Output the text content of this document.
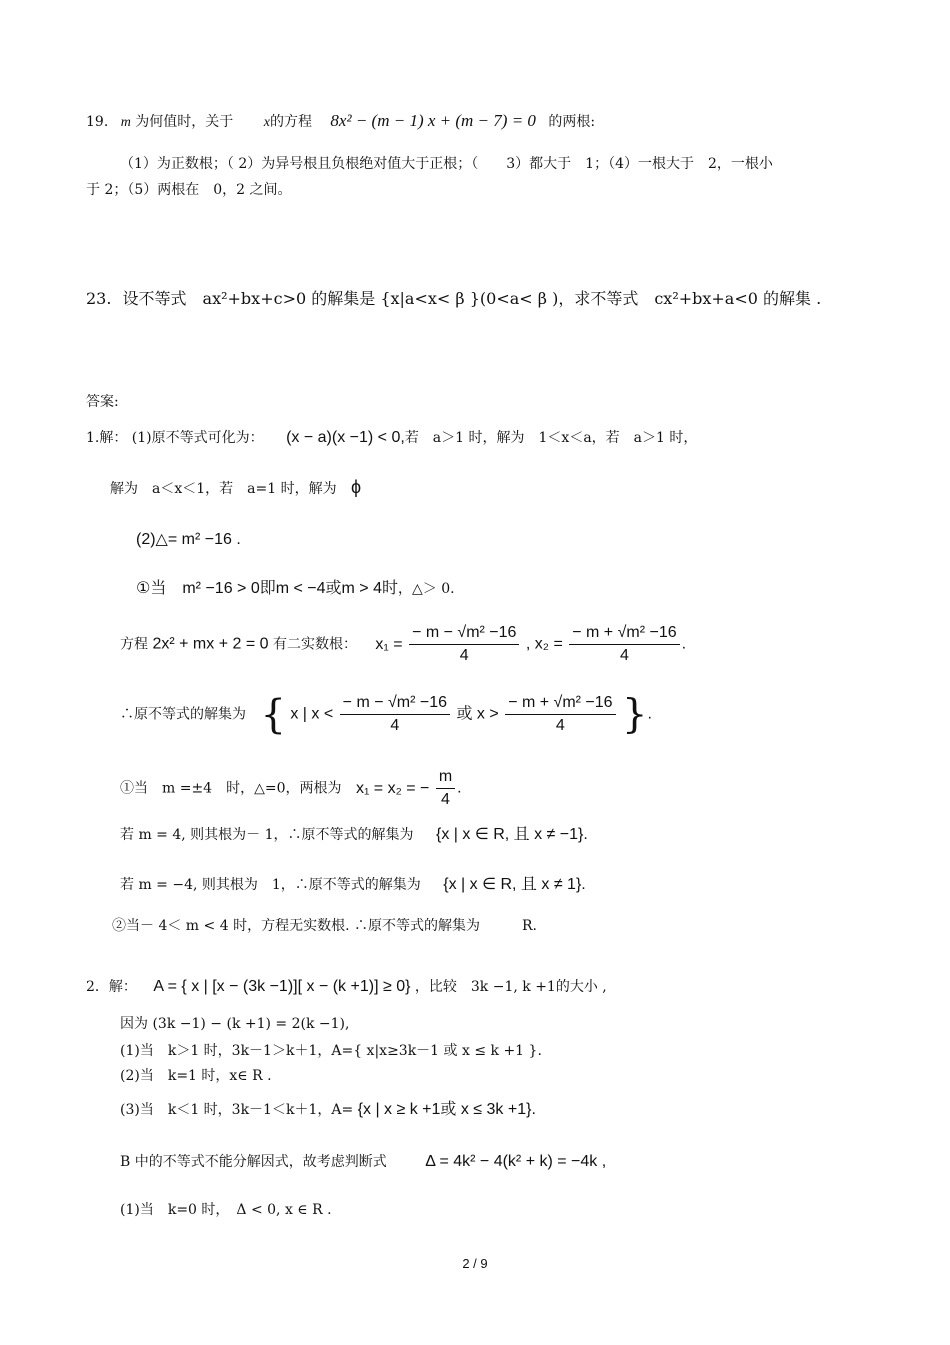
19. m 为何值时，关于 x的方程 8x² − (m − 1) x + (m − 7) = 0 的两根:
（1）为正数根；（ 2）为异号根且负根绝对值大于正根；（　　3）都大于　1；（4）一根大于　2，一根小
于 2；（5）两根在　0，2 之间。
23. 设不等式　ax²+bx+c>0 的解集是 {x|a<x< β }(0<a< β )，求不等式　cx²+bx+a<0 的解集 .
答案:
1.解： (1)原不等式可化为： (x − a)(x −1) < 0,若　a＞1 时，解为　1＜x＜a，若　a＞1 时，
解为　a＜x＜1，若　a=1 时，解为 ϕ
(2)△= m² −16 .
①当　m² −16 > 0即m < −4或m > 4时，△＞ 0.
方程 2x² + mx + 2 = 0 有二实数根： $x_1 = \frac{\text{− m − √m² −16}}{4}$ , $x_2 = \frac{\text{− m + √m² −16}}{4}$ .
∴原不等式的解集为 { x | $x < \frac{\text{− m − √m² −16}}{4}$ 或 $x > \frac{\text{− m + √m² −16}}{4}$ }.
①当　m =±4　时，△=0，两根为 x₁ = x₂ = − $\frac{m}{4}$ .
若 m = 4, 则其根为－ 1，∴原不等式的解集为 {x | x ∈ R, 且 x ≠ −1}.
若 m = −4, 则其根为　1，∴原不等式的解集为 {x | x ∈ R, 且 x ≠ 1}.
②当－ 4＜ m < 4 时，方程无实数根. ∴原不等式的解集为　　　R.
2．解： A = { x | [x − (3k −1)][ x − (k +1)] ≥ 0} ，比较　3k −1, k +1的大小 ,
因为 (3k −1) − (k +1) = 2(k −1),
(1)当　k＞1 时，3k－1＞k＋1，A={ x|x≥3k－1 或 x ≤ k +1 }.
(2)当　k=1 时，x∈ R .
(3)当　k＜1 时，3k－1＜k＋1，A= {x | x ≥ k +1或 x ≤ 3k +1}.
B 中的不等式不能分解因式，故考虑判断式 Δ = 4k² − 4(k² + k) = −4k ,
(1)当　k=0 时，　Δ < 0, x ∈ R .
2 / 9
